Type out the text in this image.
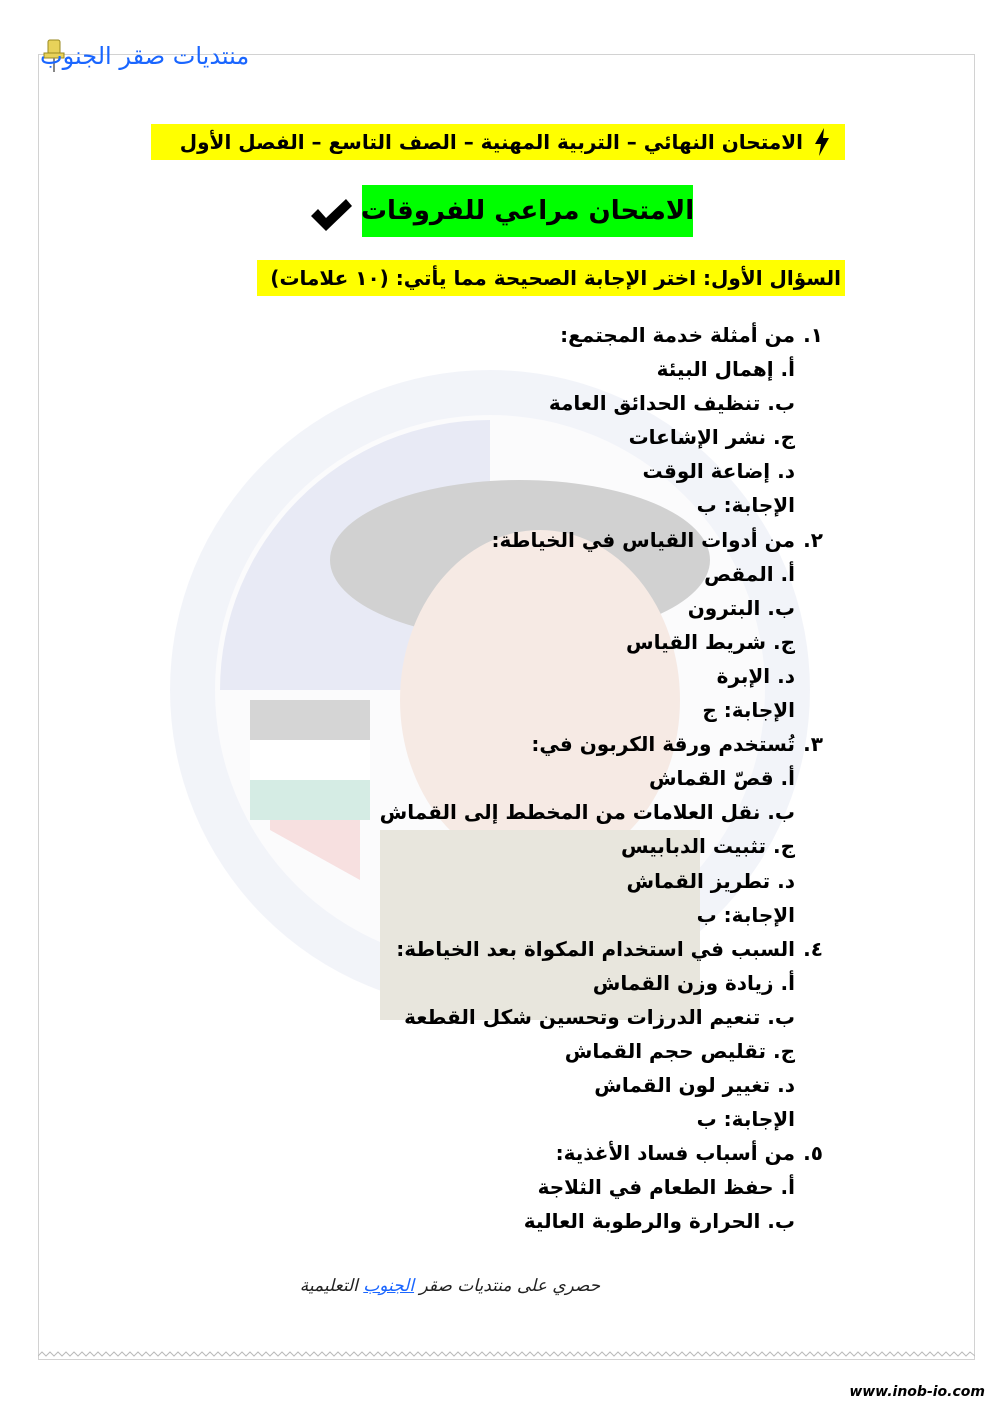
منتديات صقر الجنوب
الامتحان النهائي – التربية المهنية – الصف التاسع – الفصل الأول
الامتحان مراعي للفروقات
السؤال الأول: اختر الإجابة الصحيحة مما يأتي: (١٠ علامات)
١.من أمثلة خدمة المجتمع:
أ. إهمال البيئة
ب. تنظيف الحدائق العامة
ج. نشر الإشاعات
د. إضاعة الوقت
الإجابة: ب
٢.من أدوات القياس في الخياطة:
أ. المقص
ب. البترون
ج. شريط القياس
د. الإبرة
الإجابة: ج
٣.تُستخدم ورقة الكربون في:
أ. قصّ القماش
ب. نقل العلامات من المخطط إلى القماش
ج. تثبيت الدبابيس
د. تطريز القماش
الإجابة: ب
٤.السبب في استخدام المكواة بعد الخياطة:
أ. زيادة وزن القماش
ب. تنعيم الدرزات وتحسين شكل القطعة
ج. تقليص حجم القماش
د. تغيير لون القماش
الإجابة: ب
٥.من أسباب فساد الأغذية:
أ. حفظ الطعام في الثلاجة
ب. الحرارة والرطوبة العالية
حصري على منتديات صقر الجنوب التعليمية
www.inob-io.com
